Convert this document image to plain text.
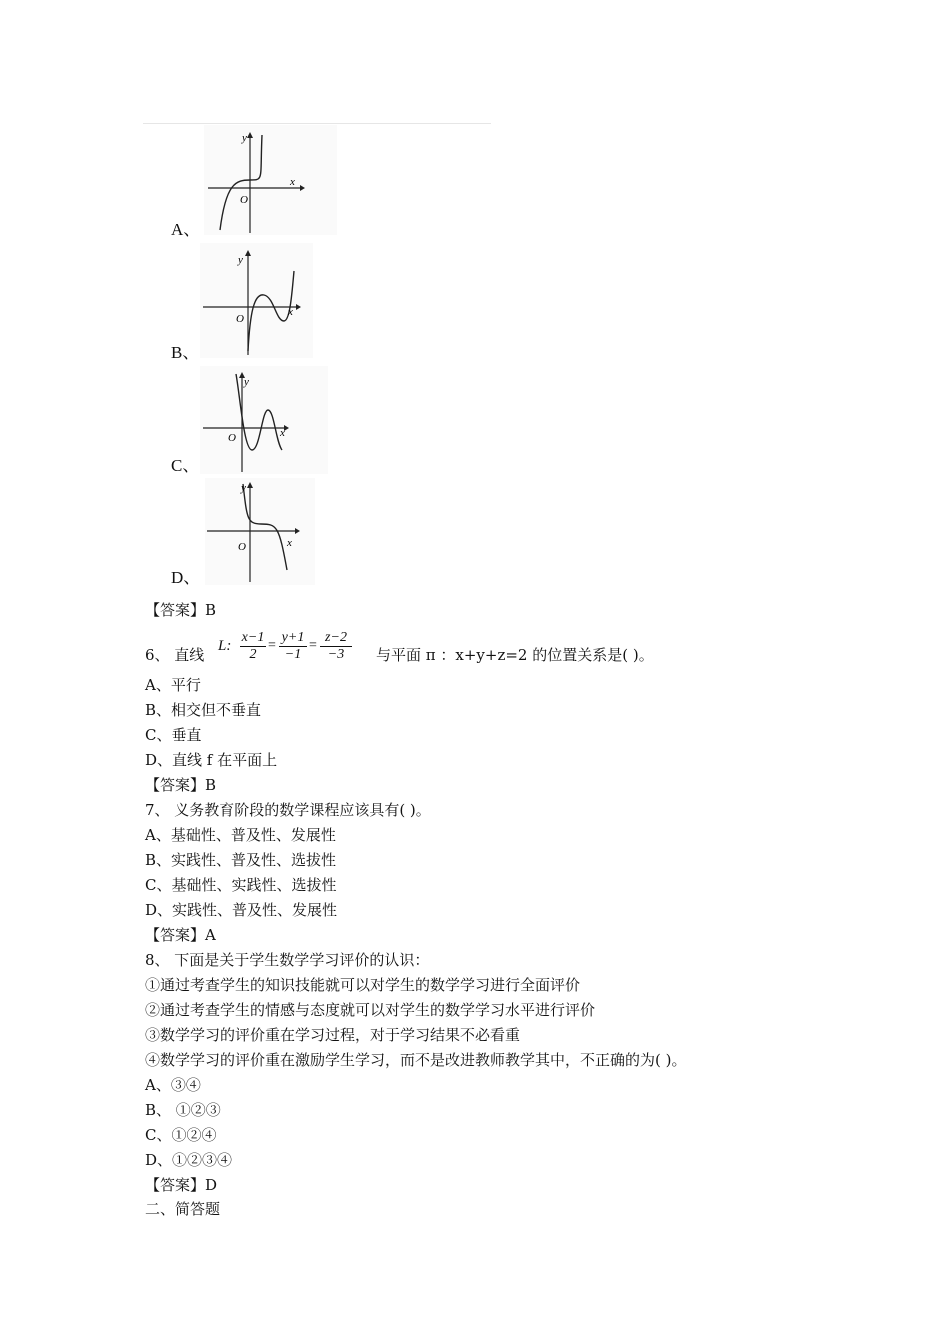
A、
y
x
O
B、
y
x
O
C、
y
x
O
D、
y
x
O
【答案】B
6、 直线 L: $\frac{x-1}{2} = \frac{y+1}{-1} = \frac{z-2}{-3}$ 与平面 π ：x+y+z=2 的位置关系是( )。
A、平行
B、相交但不垂直
C、垂直
D、直线 f 在平面上
【答案】B
7、 义务教育阶段的数学课程应该具有( )。
A、基础性、普及性、发展性
B、实践性、普及性、选拔性
C、基础性、实践性、选拔性
D、实践性、普及性、发展性
【答案】A
8、 下面是关于学生数学学习评价的认识：
①通过考查学生的知识技能就可以对学生的数学学习进行全面评价
②通过考查学生的情感与态度就可以对学生的数学学习水平进行评价
③数学学习的评价重在学习过程，对于学习结果不必看重
④数学学习的评价重在激励学生学习，而不是改进教师教学其中，不正确的为( )。
A、③④
B、 ①②③
C、①②④
D、①②③④
【答案】D
二、简答题
